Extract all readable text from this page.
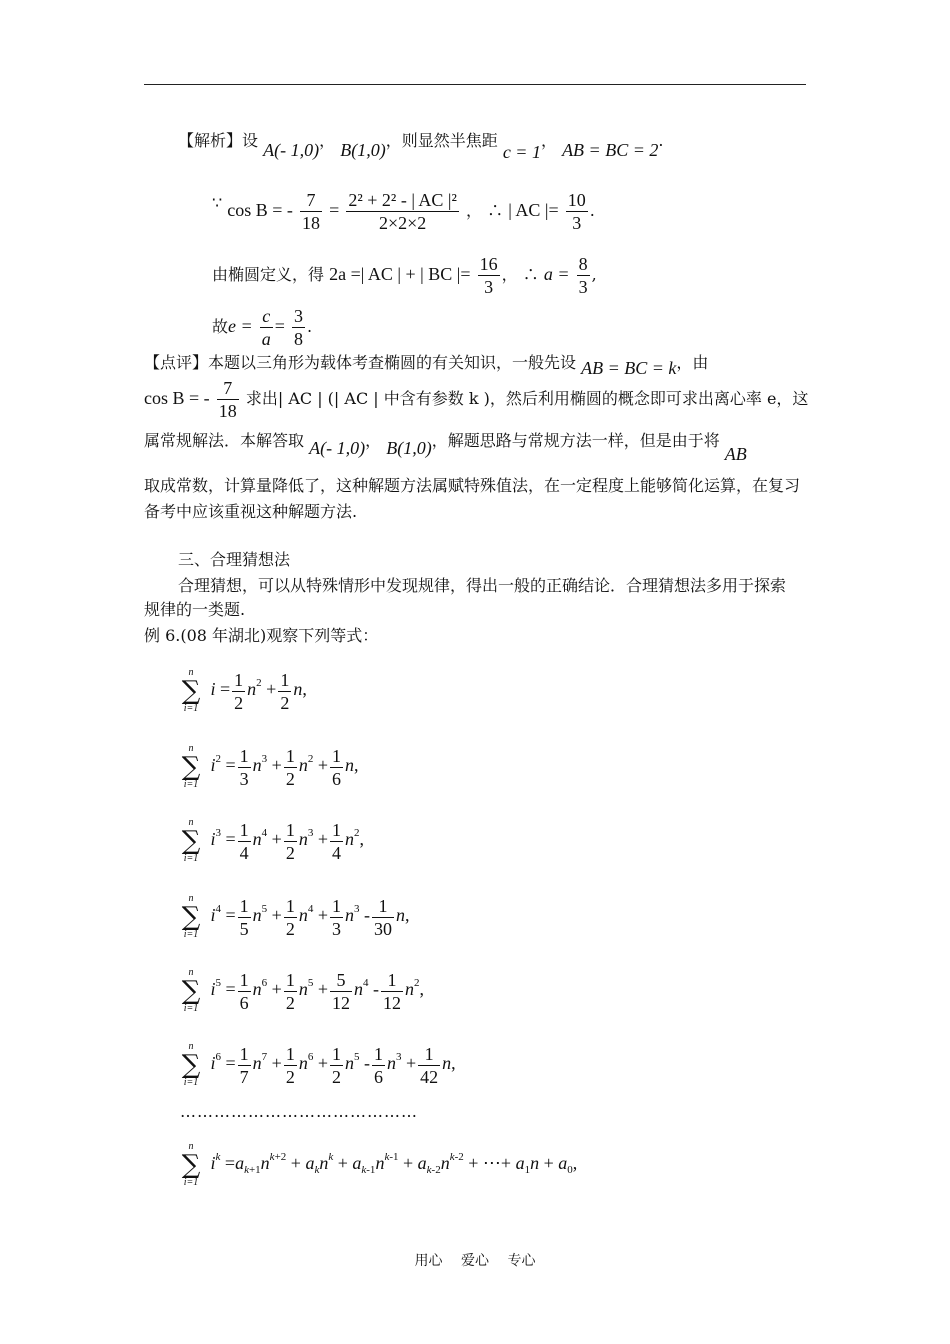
【解析】设 A(- 1,0)， B(1,0)，则显然半焦距 c = 1， AB = BC = 2.
∵ cos B = - $\frac{7}{18} = \frac{\text{2² + 2² - | AC |²}}{2\times 2\times 2}$ ， ∴ | AC |= $\frac{10}{3}$ .
由椭圆定义，得 2a =| AC | + | BC |= $\frac{16}{3}$ ， ∴ $a = \frac{8}{3}$ ,
故$e = \frac{c}{a} = \frac{3}{8}$ .
【点评】本题以三角形为载体考查椭圆的有关知识，一般先设 AB = BC = k，由
cos B = - $\frac{7}{18}$ 求出| AC | (| AC | 中含有参数 k )，然后利用椭圆的概念即可求出离心率 e，这
属常规解法．本解答取 A(- 1,0)， B(1,0)，解题思路与常规方法一样，但是由于将 AB
取成常数，计算量降低了，这种解题方法属赋特殊值法，在一定程度上能够简化运算，在复习
备考中应该重视这种解题方法.
三、合理猜想法
合理猜想，可以从特殊情形中发现规律，得出一般的正确结论．合理猜想法多用于探索
规律的一类题.
例 6.(08 年湖北)观察下列等式：
n
∑
i=1
$i = \frac{1}{2} n^2 + \frac{1}{2} n$,
n
∑
i=1
$i^2 = \frac{1}{3} n^3 + \frac{1}{2} n^2 + \frac{1}{6} n$,
n
∑
i=1
$i^3 = \frac{1}{4} n^4 + \frac{1}{2} n^3 + \frac{1}{4} n^2$,
n
∑
i=1
$i^4 = \frac{1}{5} n^5 + \frac{1}{2} n^4 + \frac{1}{3} n^3 - \frac{1}{30} n$,
n
∑
i=1
$i^5 = \frac{1}{6} n^6 + \frac{1}{2} n^5 + \frac{5}{12} n^4 - \frac{1}{12} n^2$,
n
∑
i=1
$i^6 = \frac{1}{7} n^7 + \frac{1}{2} n^6 + \frac{1}{2} n^5 - \frac{1}{6} n^3 + \frac{1}{42} n$,
……………………………………
n
∑
i=1
$i^k =a_{k+1}n^{k+2} + a_kn^k + a_{k-1}n^{k-1} + a_{k-2}n^{k-2}$ + ⋯+ $a_1n + a_0$,
用心 爱心 专心
